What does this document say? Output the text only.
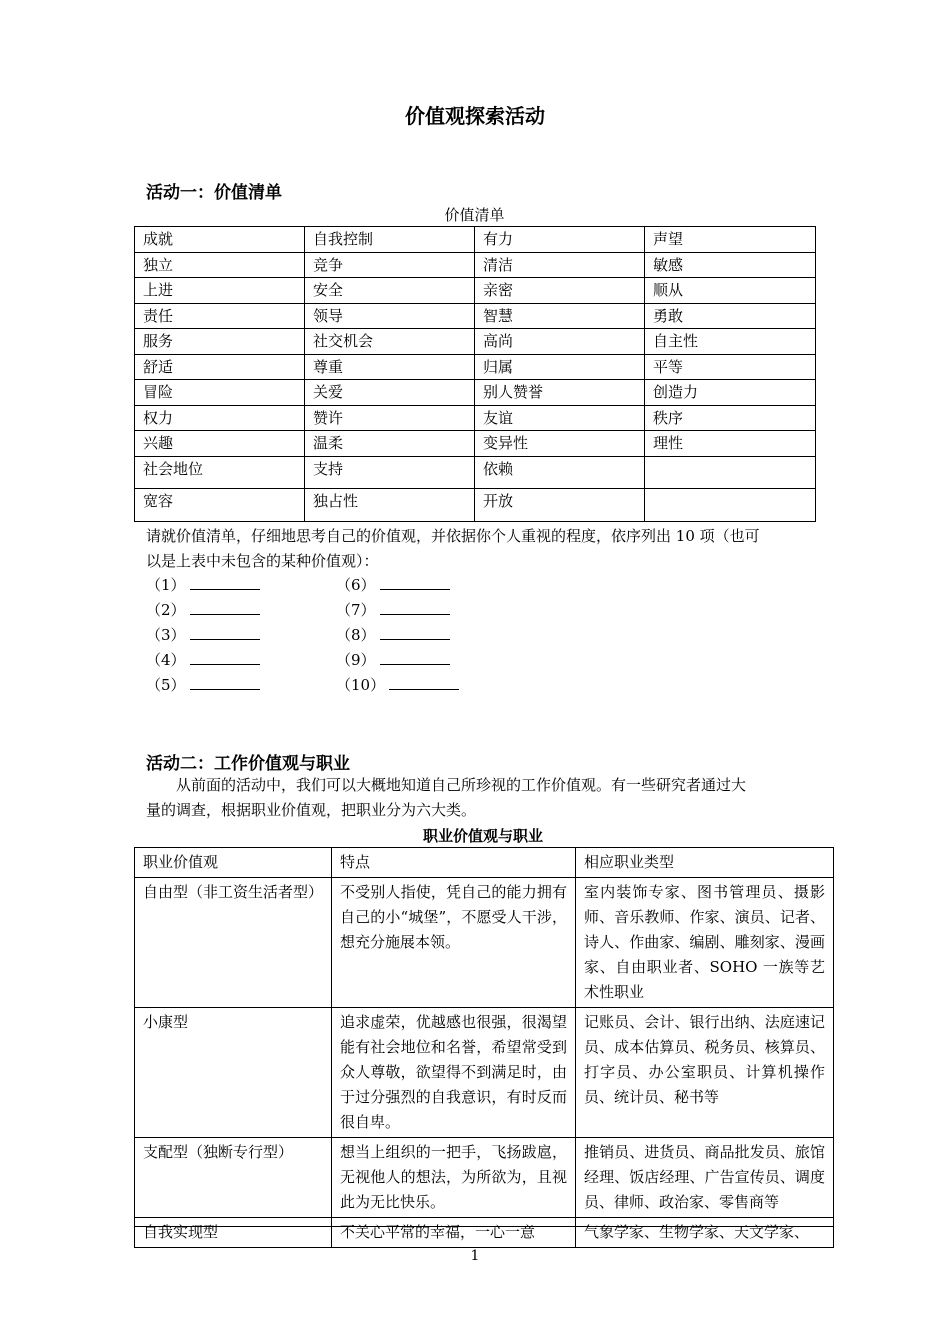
价值观探索活动
活动一：价值清单
价值清单
成就	自我控制	有力	声望
独立	竞争	清洁	敏感
上进	安全	亲密	顺从
责任	领导	智慧	勇敢
服务	社交机会	高尚	自主性
舒适	尊重	归属	平等
冒险	关爱	别人赞誉	创造力
权力	赞许	友谊	秩序
兴趣	温柔	变异性	理性
社会地位	支持	依赖	
宽容	独占性	开放	
请就价值清单，仔细地思考自己的价值观，并依据你个人重视的程度，依序列出 10 项（也可
以是上表中未包含的某种价值观）：
（1）
（2）
（3）
（4）
（5）
（6）
（7）
（8）
（9）
（10）
活动二：工作价值观与职业
从前面的活动中，我们可以大概地知道自己所珍视的工作价值观。有一些研究者通过大
量的调查，根据职业价值观，把职业分为六大类。
职业价值观与职业
职业价值观	特点	相应职业类型
自由型（非工资生活者型）	不受别人指使，凭自己的能力拥有自己的小“城堡”，不愿受人干涉，想充分施展本领。	室内装饰专家、图书管理员、摄影师、音乐教师、作家、演员、记者、诗人、作曲家、编剧、雕刻家、漫画家、自由职业者、SOHO 一族等艺术性职业
小康型	追求虚荣，优越感也很强，很渴望能有社会地位和名誉，希望常受到众人尊敬，欲望得不到满足时，由于过分强烈的自我意识，有时反而很自卑。	记账员、会计、银行出纳、法庭速记员、成本估算员、税务员、核算员、打字员、办公室职员、计算机操作员、统计员、秘书等
支配型（独断专行型）	想当上组织的一把手，飞扬跋扈，无视他人的想法，为所欲为，且视此为无比快乐。	推销员、进货员、商品批发员、旅馆经理、饭店经理、广告宣传员、调度员、律师、政治家、零售商等
自我实现型	不关心平常的幸福，一心一意	气象学家、生物学家、天文学家、
1
